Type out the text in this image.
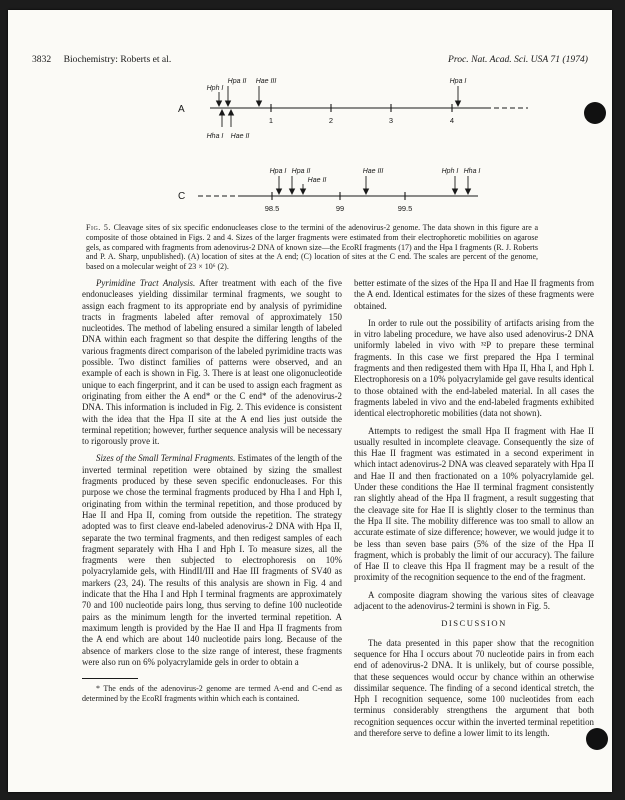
3832 Biochemistry: Roberts et al.	Proc. Nat. Acad. Sci. USA 71 (1974)
A
1	2	3	4
Hph I
Hpa II Hae III	Hpa I
Hha I Hae II
C
98.5	99	99.5
Hpa I Hpa II
Hae II
Hae III	Hph I Hha I
Fig. 5. Cleavage sites of six specific endonucleases close to the termini of the adenovirus-2 genome. The data shown in this figure are a composite of those obtained in Figs. 2 and 4. Sizes of the larger fragments were estimated from their electrophoretic mobilities on agarose gels, as compared with fragments from adenovirus-2 DNA of known size—the EcoRI fragments (17) and the Hpa I fragments (R. J. Roberts and P. A. Sharp, unpublished). (A) location of sites at the A end; (C) location of sites at the C end. The scales are percent of the genome, based on a molecular weight of 23 × 10⁶ (2).

Pyrimidine Tract Analysis. After treatment with each of the five endonucleases yielding dissimilar terminal fragments, we sought to assign each fragment to its appropriate end by analysis of pyrimidine tracts in fragments labeled after removal of approximately 150 nucleotides. The method of labeling ensured a similar length of labeled DNA within each fragment so that despite the differing lengths of the various fragments direct comparison of the labeled pyrimidine tracts was possible. Two distinct families of patterns were observed, and an example of each is shown in Fig. 3. There is at least one oligonucleotide unique to each fingerprint, and it can be used to assign each fragment as originating from either the A end* or the C end* of the adenovirus-2 DNA. This information is included in Fig. 2. This evidence is consistent with the idea that the Hpa II site at the A end lies just outside the terminal repetition; however, further sequence analysis will be necessary to rigorously prove it.

Sizes of the Small Terminal Fragments. Estimates of the length of the inverted terminal repetition were obtained by sizing the smallest fragments produced by these seven specific endonucleases. For this purpose we chose the terminal fragments produced by Hha I and Hph I, originating from within the terminal repetition, and those produced by Hae II and Hpa II, coming from outside the repetition. The strategy adopted was to first cleave end-labeled adenovirus-2 DNA with Hpa II, separate the two terminal fragments, and then redigest samples of each fragment separately with Hha I and Hph I. To measure sizes, all the fragments were then subjected to electrophoresis on 10% polyacrylamide gels, with HindII/III and Hae III fragments of SV40 as markers (23, 24). The results of this analysis are shown in Fig. 4 and indicate that the Hha I and Hph I terminal fragments are approximately 70 and 100 nucleotide pairs long, thus serving to define 100 nucleotide pairs as the minimum length for the inverted terminal repetition. A maximum length is provided by the Hae II and Hpa II fragments from the A end which are about 140 nucleotide pairs long. Because of the absence of markers close to the size range of interest, these fragments were also run on 6% polyacrylamide gels in order to obtain a

* The ends of the adenovirus-2 genome are termed A-end and C-end as determined by the EcoRI fragments within which each is contained.

better estimate of the sizes of the Hpa II and Hae II fragments from the A end. Identical estimates for the sizes of these fragments were obtained.

In order to rule out the possibility of artifacts arising from the in vitro labeling procedure, we have also used adenovirus-2 DNA uniformly labeled in vivo with ³²P to prepare these terminal fragments. In this case we first prepared the Hpa I terminal fragments and then redigested them with Hpa II, Hha I, and Hph I. Electrophoresis on a 10% polyacrylamide gel gave results identical to those obtained with the end-labeled material. In all cases the fragments labeled in vivo and the end-labeled fragments exhibited identical electrophoretic mobilities (data not shown).

Attempts to redigest the small Hpa II fragment with Hae II usually resulted in incomplete cleavage. Consequently the size of this Hae II fragment was estimated in a second experiment in which intact adenovirus-2 DNA was cleaved separately with Hpa II and Hae II and then fractionated on a 10% polyacrylamide gel. Under these conditions the Hae II terminal fragment consistently ran slightly ahead of the Hpa II fragment, a result suggesting that the cleavage site for Hae II is slightly closer to the terminus than the Hpa II site. The mobility difference was too small to allow an accurate estimate of size difference; however, we would judge it to be less than seven base pairs (5% of the size of the Hpa II fragment, which is probably the limit of our accuracy). The failure of Hae II to cleave this Hpa II fragment may be a result of the proximity of the recognition sequence to the end of the fragment.

A composite diagram showing the various sites of cleavage adjacent to the adenovirus-2 termini is shown in Fig. 5.

DISCUSSION

The data presented in this paper show that the recognition sequence for Hha I occurs about 70 nucleotide pairs in from each end of adenovirus-2 DNA. It is unlikely, but of course possible, that these sequences would occur by chance within an otherwise dissimilar sequence. The finding of a second identical stretch, the Hph I recognition sequence, some 100 nucleotides from each terminus considerably strengthens the argument that both recognition sequences occur within the inverted terminal repetition and therefore serve to define a lower limit to its length.
